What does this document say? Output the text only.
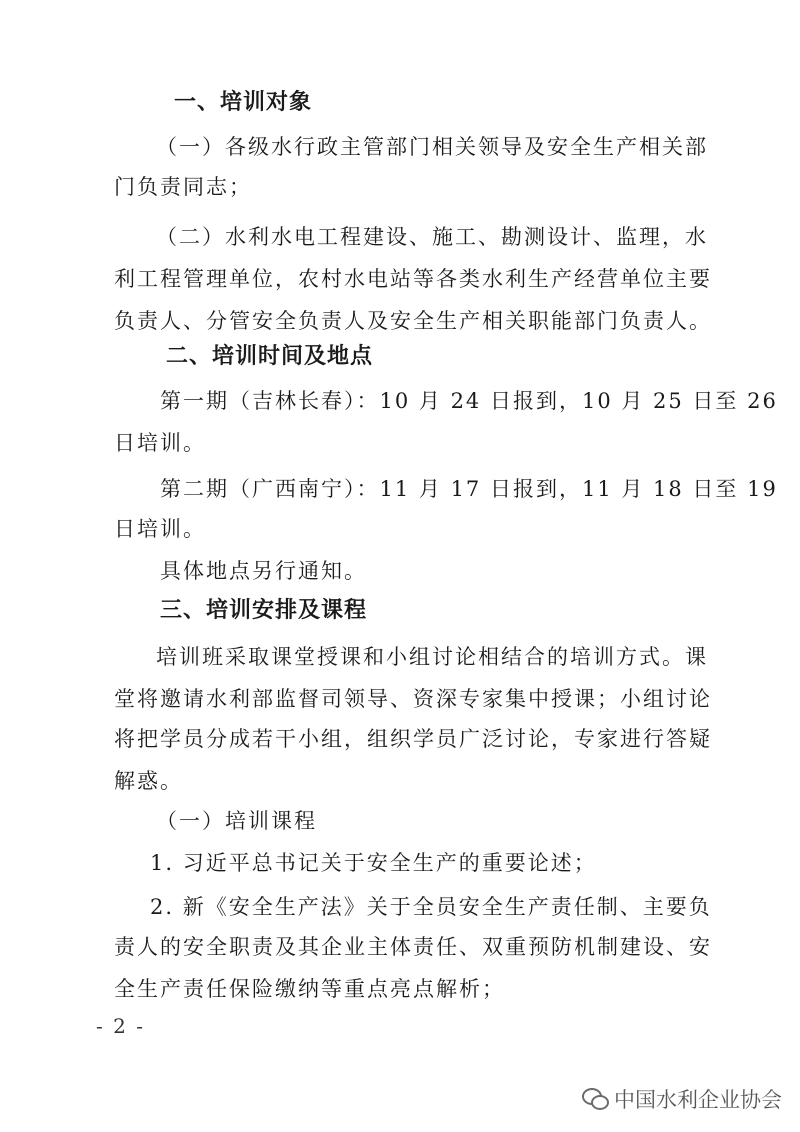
一、培训对象
（一）各级水行政主管部门相关领导及安全生产相关部
门负责同志；
（二）水利水电工程建设、施工、勘测设计、监理，水
利工程管理单位，农村水电站等各类水利生产经营单位主要
负责人、分管安全负责人及安全生产相关职能部门负责人。
二、培训时间及地点
第一期（吉林长春）：10 月 24 日报到，10 月 25 日至 26
日培训。
第二期（广西南宁）：11 月 17 日报到，11 月 18 日至 19
日培训。
具体地点另行通知。
三、培训安排及课程
培训班采取课堂授课和小组讨论相结合的培训方式。课
堂将邀请水利部监督司领导、资深专家集中授课；小组讨论
将把学员分成若干小组，组织学员广泛讨论，专家进行答疑
解惑。
（一）培训课程
1. 习近平总书记关于安全生产的重要论述；
2. 新《安全生产法》关于全员安全生产责任制、主要负
责人的安全职责及其企业主体责任、双重预防机制建设、安
全生产责任保险缴纳等重点亮点解析；
- 2 -
中国水利企业协会
